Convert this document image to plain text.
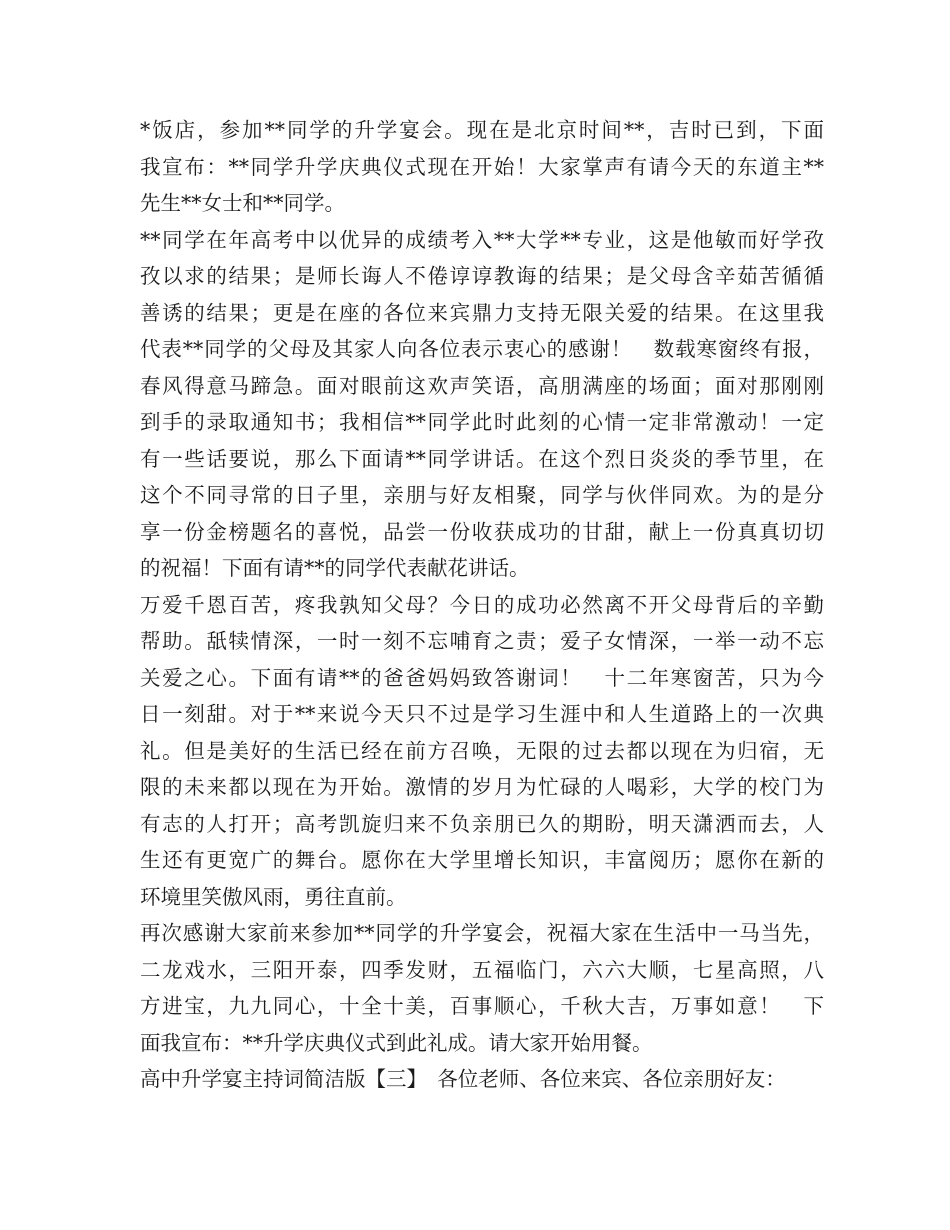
*饭店，参加**同学的升学宴会。现在是北京时间**，吉时已到，下面
我宣布：**同学升学庆典仪式现在开始！大家掌声有请今天的东道主**
先生**女士和**同学。
**同学在年高考中以优异的成绩考入**大学**专业，这是他敏而好学孜
孜以求的结果；是师长诲人不倦谆谆教诲的结果；是父母含辛茹苦循循
善诱的结果；更是在座的各位来宾鼎力支持无限关爱的结果。在这里我
代表**同学的父母及其家人向各位表示衷心的感谢！　数载寒窗终有报，
春风得意马蹄急。面对眼前这欢声笑语，高朋满座的场面；面对那刚刚
到手的录取通知书；我相信**同学此时此刻的心情一定非常激动！一定
有一些话要说，那么下面请**同学讲话。在这个烈日炎炎的季节里，在
这个不同寻常的日子里，亲朋与好友相聚，同学与伙伴同欢。为的是分
享一份金榜题名的喜悦，品尝一份收获成功的甘甜，献上一份真真切切
的祝福！下面有请**的同学代表献花讲话。
万爱千恩百苦，疼我孰知父母？今日的成功必然离不开父母背后的辛勤
帮助。舐犊情深，一时一刻不忘哺育之责；爱子女情深，一举一动不忘
关爱之心。下面有请**的爸爸妈妈致答谢词！　十二年寒窗苦，只为今
日一刻甜。对于**来说今天只不过是学习生涯中和人生道路上的一次典
礼。但是美好的生活已经在前方召唤，无限的过去都以现在为归宿，无
限的未来都以现在为开始。激情的岁月为忙碌的人喝彩，大学的校门为
有志的人打开；高考凯旋归来不负亲朋已久的期盼，明天潇洒而去，人
生还有更宽广的舞台。愿你在大学里增长知识，丰富阅历；愿你在新的
环境里笑傲风雨，勇往直前。
再次感谢大家前来参加**同学的升学宴会，祝福大家在生活中一马当先，
二龙戏水，三阳开泰，四季发财，五福临门，六六大顺，七星高照，八
方进宝，九九同心，十全十美，百事顺心，千秋大吉，万事如意！　下
面我宣布：**升学庆典仪式到此礼成。请大家开始用餐。
高中升学宴主持词简洁版【三】　各位老师、各位来宾、各位亲朋好友：
